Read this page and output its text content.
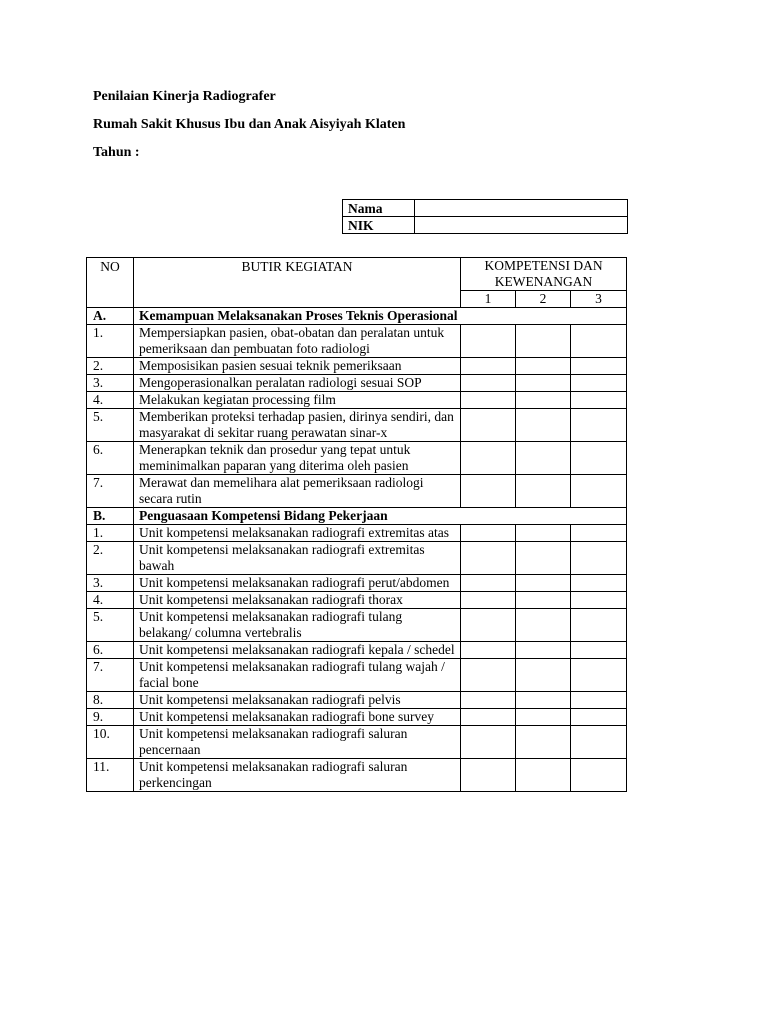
Penilaian Kinerja Radiografer

Rumah Sakit Khusus Ibu dan Anak Aisyiyah Klaten

Tahun :

Nama	
NIK	
NO	BUTIR KEGIATAN	KOMPETENSI DAN KEWENANGAN		
		1	2	3
A.	Kemampuan Melaksanakan Proses Teknis Operasional			
1.	Mempersiapkan pasien, obat-obatan dan peralatan untuk pemeriksaan dan pembuatan foto radiologi			
2.	Memposisikan pasien sesuai teknik pemeriksaan			
3.	Mengoperasionalkan peralatan radiologi sesuai SOP			
4.	Melakukan kegiatan processing film			
5.	Memberikan proteksi terhadap pasien, dirinya sendiri, dan masyarakat di sekitar ruang perawatan sinar-x			
6.	Menerapkan teknik dan prosedur yang tepat untuk meminimalkan paparan yang diterima oleh pasien			
7.	Merawat dan memelihara alat pemeriksaan radiologi secara rutin			
B.	Penguasaan Kompetensi Bidang Pekerjaan			
1.	Unit kompetensi melaksanakan radiografi extremitas atas			
2.	Unit kompetensi melaksanakan radiografi extremitas bawah			
3.	Unit kompetensi melaksanakan radiografi perut/abdomen			
4.	Unit kompetensi melaksanakan radiografi thorax			
5.	Unit kompetensi melaksanakan radiografi tulang belakang/ columna vertebralis			
6.	Unit kompetensi melaksanakan radiografi kepala / schedel			
7.	Unit kompetensi melaksanakan radiografi tulang wajah / facial bone			
8.	Unit kompetensi melaksanakan radiografi pelvis			
9.	Unit kompetensi melaksanakan radiografi bone survey			
10.	Unit kompetensi melaksanakan radiografi saluran pencernaan			
11.	Unit kompetensi melaksanakan radiografi saluran perkencingan			
